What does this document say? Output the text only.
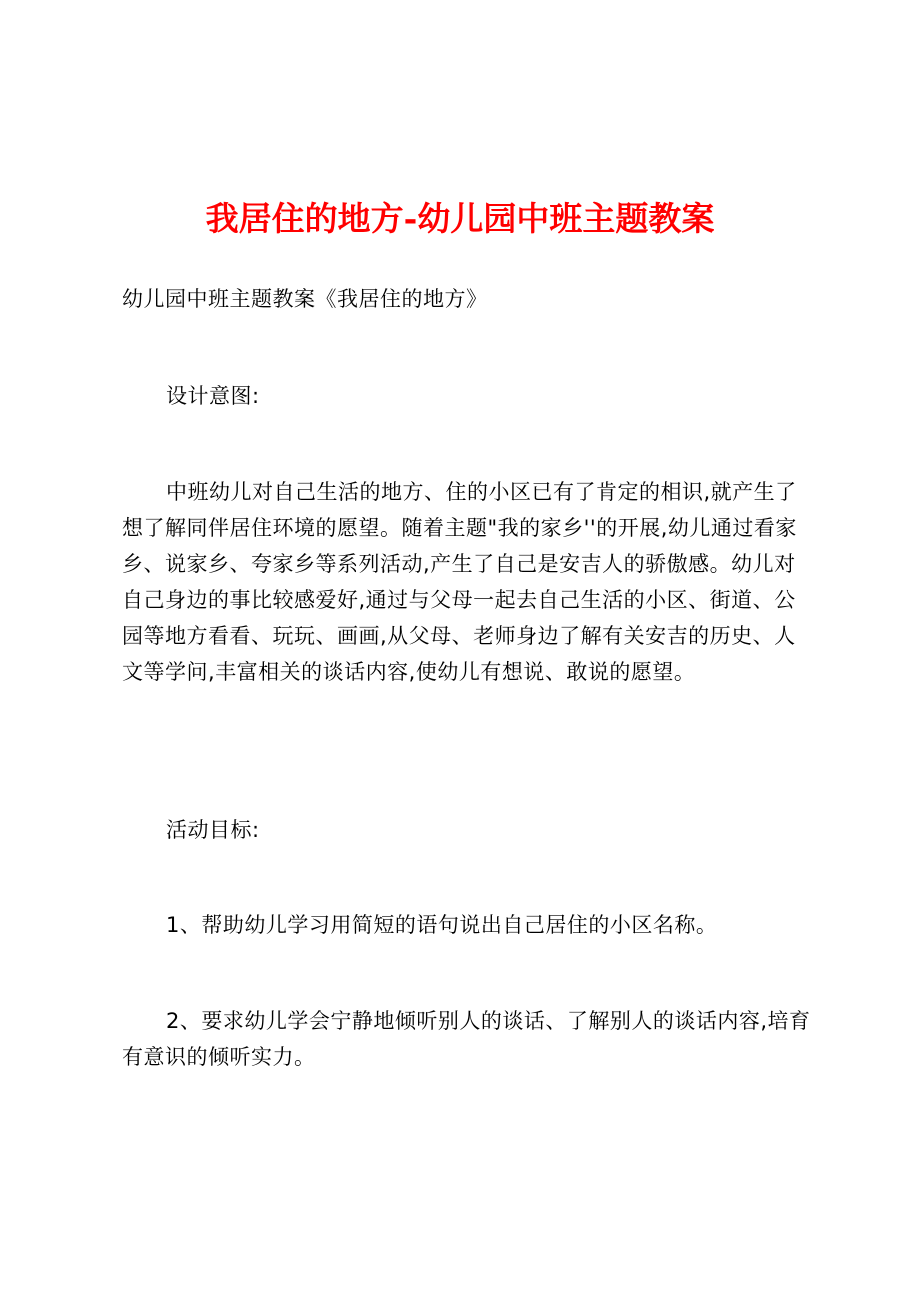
我居住的地方-幼儿园中班主题教案
幼儿园中班主题教案《我居住的地方》
设计意图:
中班幼儿对自己生活的地方、住的小区已有了肯定的相识,就产生了想了解同伴居住环境的愿望。随着主题"我的家乡''的开展,幼儿通过看家乡、说家乡、夸家乡等系列活动,产生了自己是安吉人的骄傲感。幼儿对自己身边的事比较感爱好,通过与父母一起去自己生活的小区、街道、公园等地方看看、玩玩、画画,从父母、老师身边了解有关安吉的历史、人文等学问,丰富相关的谈话内容,使幼儿有想说、敢说的愿望。
活动目标:
1、帮助幼儿学习用简短的语句说出自己居住的小区名称。
2、要求幼儿学会宁静地倾听别人的谈话、了解别人的谈话内容,培育有意识的倾听实力。
